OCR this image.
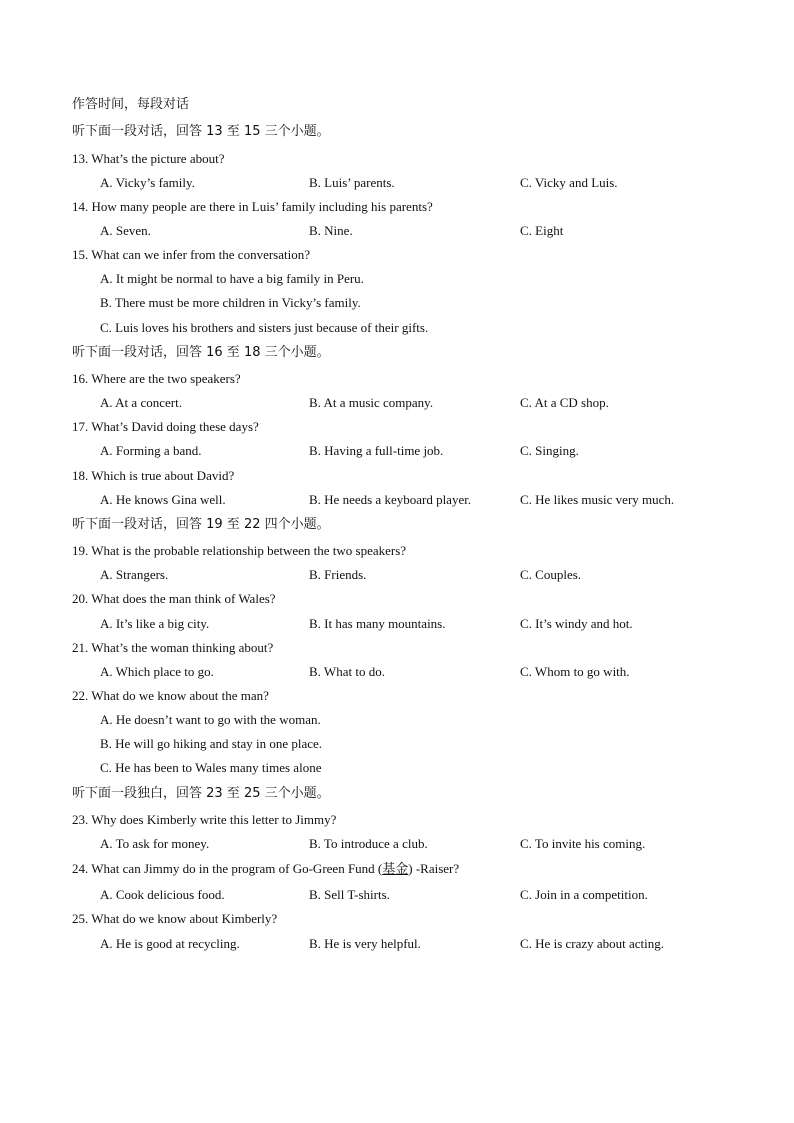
作答时间，每段对话
听下面一段对话，回答 13 至 15 三个小题。
13. What’s the picture about?
A. Vicky’s family.	B. Luis’ parents.	C. Vicky and Luis.
14. How many people are there in Luis’ family including his parents?
A. Seven.	B. Nine.	C. Eight
15. What can we infer from the conversation?
A. It might be normal to have a big family in Peru.
B. There must be more children in Vicky’s family.
C. Luis loves his brothers and sisters just because of their gifts.
听下面一段对话，回答 16 至 18 三个小题。
16. Where are the two speakers?
A. At a concert.	B. At a music company.	C. At a CD shop.
17. What’s David doing these days?
A. Forming a band.	B. Having a full-time job.	C. Singing.
18. Which is true about David?
A. He knows Gina well.	B. He needs a keyboard player.	C. He likes music very much.
听下面一段对话，回答 19 至 22 四个小题。
19. What is the probable relationship between the two speakers?
A. Strangers.	B. Friends.	C. Couples.
20. What does the man think of Wales?
A. It’s like a big city.	B. It has many mountains.	C. It’s windy and hot.
21. What’s the woman thinking about?
A. Which place to go.	B. What to do.	C. Whom to go with.
22. What do we know about the man?
A. He doesn’t want to go with the woman.
B. He will go hiking and stay in one place.
C. He has been to Wales many times alone
听下面一段独白，回答 23 至 25 三个小题。
23. Why does Kimberly write this letter to Jimmy?
A. To ask for money.	B. To introduce a club.	C. To invite his coming.
24. What can Jimmy do in the program of Go-Green Fund (基金) -Raiser?
A. Cook delicious food.	B. Sell T-shirts.	C. Join in a competition.
25. What do we know about Kimberly?
A. He is good at recycling.	B. He is very helpful.	C. He is crazy about acting.
